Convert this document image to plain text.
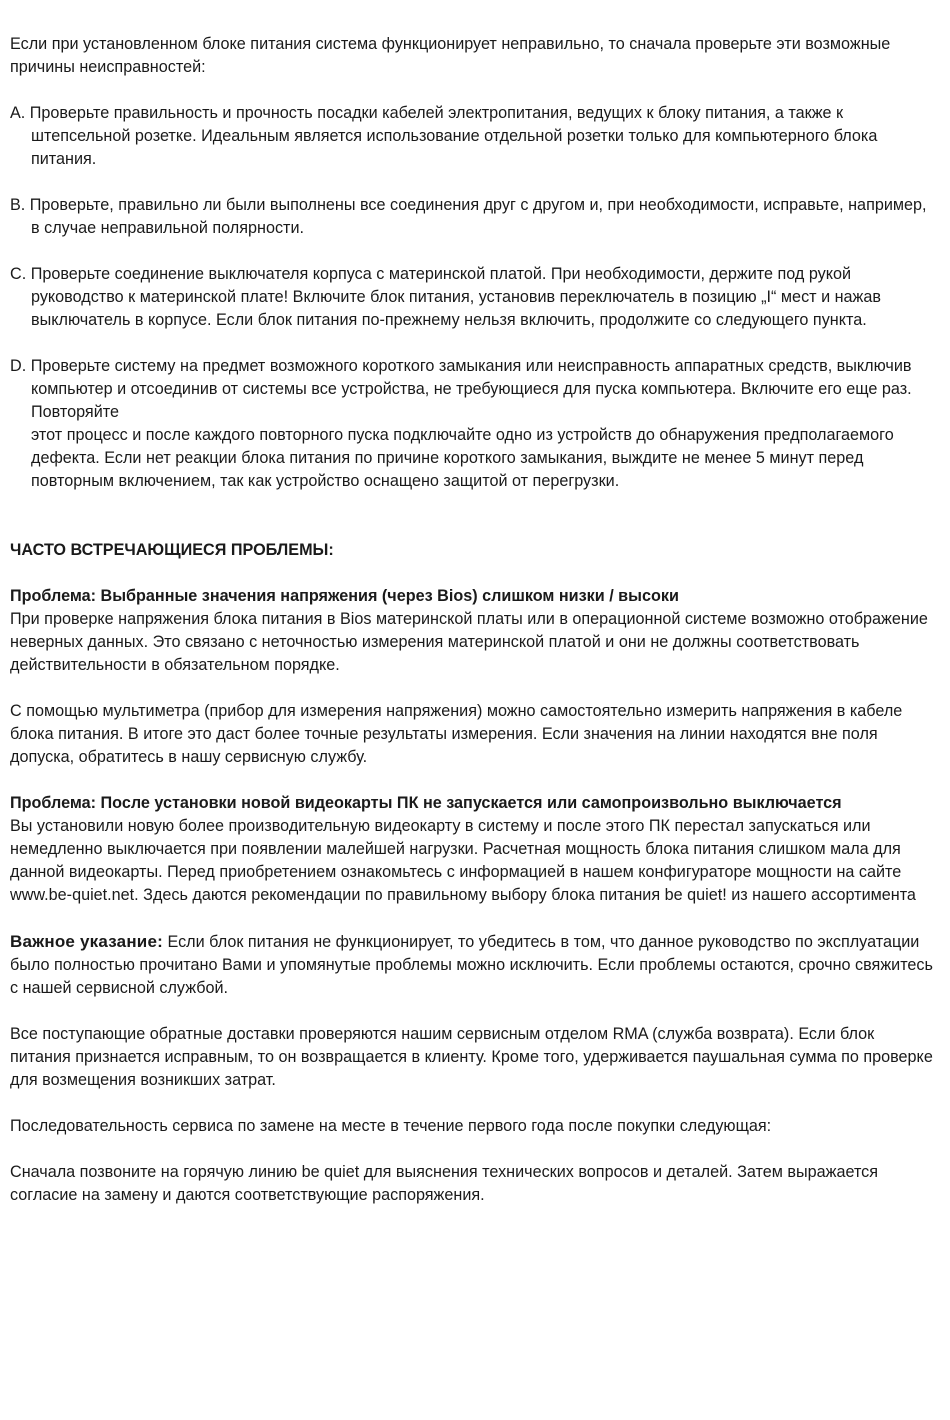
Если при установленном блоке питания система функционирует неправильно, то сначала проверьте эти возможные причины неисправностей:

A. Проверьте правильность и прочность посадки кабелей электропитания, ведущих к блоку питания, а также к штепсельной розетке. Идеальным является использование отдельной розетки только для компьютерного блока питания.

B. Проверьте, правильно ли были выполнены все соединения друг с другом и, при необходимости, исправьте, например, в случае неправильной полярности.

C. Проверьте соединение выключателя корпуса с материнской платой. При необходимости, держите под рукой руководство к материнской плате! Включите блок питания, установив переключатель в позицию „I“ мест и нажав выключатель в корпусе. Если блок питания по-прежнему нельзя включить, продолжите со следующего пункта.

D. Проверьте систему на предмет возможного короткого замыкания или неисправность аппаратных средств, выключив компьютер и отсоединив от системы все устройства, не требующиеся для пуска компьютера. Включите его еще раз. Повторяйте
этот процесс и после каждого повторного пуска подключайте одно из устройств до обнаружения предполагаемого дефекта. Если нет реакции блока питания по причине короткого замыкания, выждите не менее 5 минут перед повторным включением, так как устройство оснащено защитой от перегрузки.

ЧАСТО ВСТРЕЧАЮЩИЕСЯ ПРОБЛЕМЫ:

Проблема: Выбранные значения напряжения (через Bios) слишком низки / высоки

При проверке напряжения блока питания в Bios материнской платы или в операционной системе возможно отображение неверных данных. Это связано с неточностью измерения материнской платой и они не должны соответствовать действительности в обязательном порядке.

С помощью мультиметра (прибор для измерения напряжения) можно самостоятельно измерить напряжения в кабеле блока питания. В итоге это даст более точные результаты измерения. Если значения на линии находятся вне поля допуска, обратитесь в нашу сервисную службу.

Проблема: После установки новой видеокарты ПК не запускается или самопроизвольно выключается

Вы установили новую более производительную видеокарту в систему и после этого ПК перестал запускаться или немедленно выключается при появлении малейшей нагрузки. Расчетная мощность блока питания слишком мала для данной видеокарты. Перед приобретением ознакомьтесь с информацией в нашем конфигураторе мощности на сайте www.be-quiet.net. Здесь даются рекомендации по правильному выбору блока питания be quiet! из нашего ассортимента

Важное указание: Если блок питания не функционирует, то убедитесь в том, что данное руководство по эксплуатации было полностью прочитано Вами и упомянутые проблемы можно исключить. Если проблемы остаются, срочно свяжитесь с нашей сервисной службой.

Все поступающие обратные доставки проверяются нашим сервисным отделом RMA (служба возврата). Если блок питания признается исправным, то он возвращается в клиенту. Кроме того, удерживается паушальная сумма по проверке для возмещения возникших затрат.

Последовательность сервиса по замене на месте в течение первого года после покупки следующая:

Сначала позвоните на горячую линию be quiet для выяснения технических вопросов и деталей. Затем выражается согласие на замену и даются соответствующие распоряжения.
